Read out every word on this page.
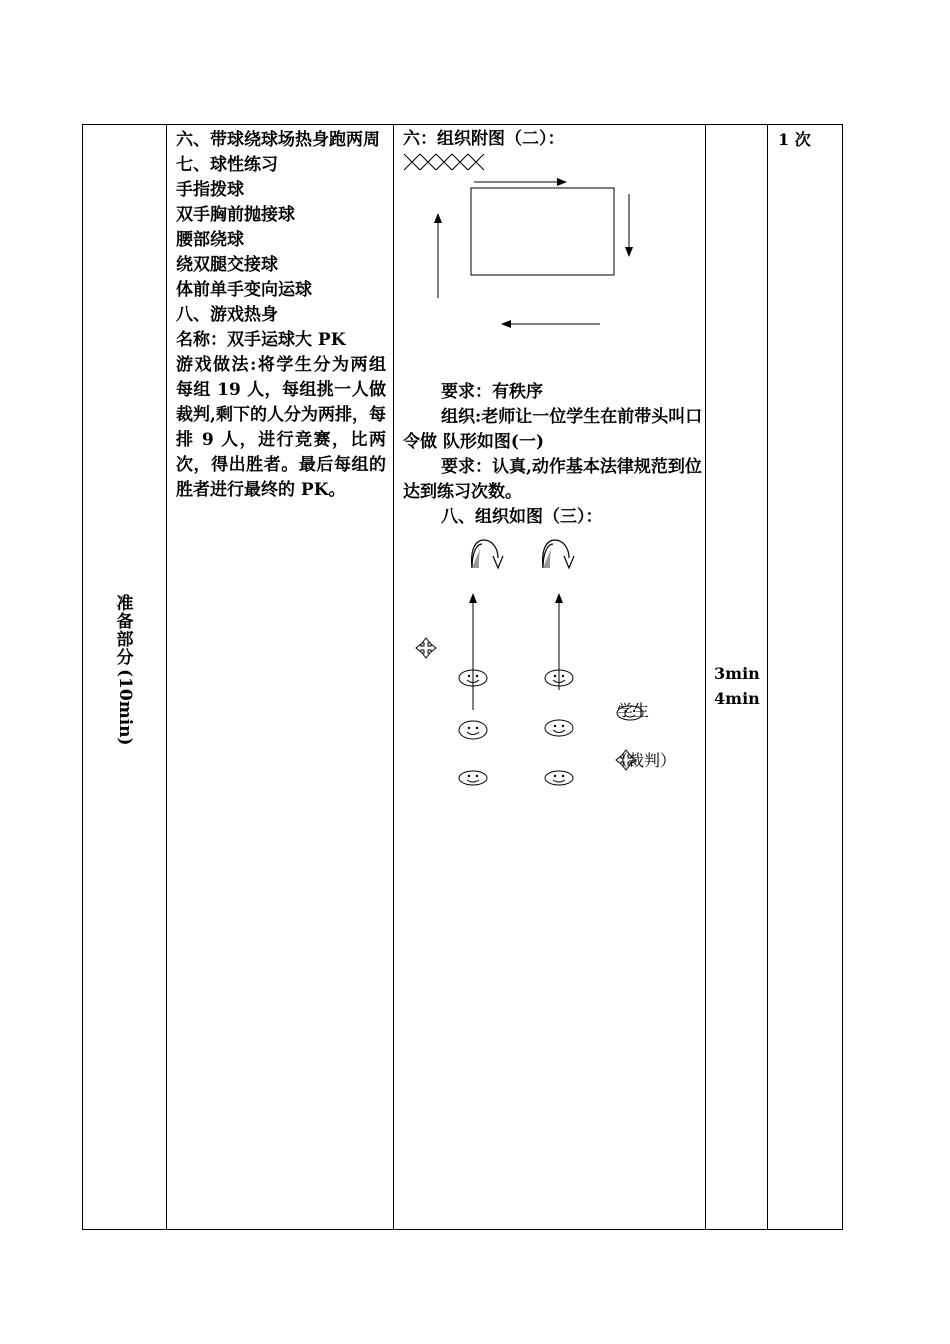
准
备
部
分
(10min)

六、带球绕球场热身跑两周

七、球性练习

手指拨球

双手胸前抛接球

腰部绕球

绕双腿交接球

体前单手变向运球

八、游戏热身

名称：双手运球大 PK

游戏做法:将学生分为两组每组 19 人，每组挑一人做裁判,剩下的人分为两排，每排 9 人，进行竞赛，比两次，得出胜者。最后每组的胜者进行最终的 PK。

六：组织附图（二）：

要求：有秩序

组织:老师让一位学生在前带头叫口令做 队形如图(一)

要求：认真,动作基本法律规范到位 达到练习次数。

八、组织如图（三）：

学生
（裁判）

3min
4min

1 次
